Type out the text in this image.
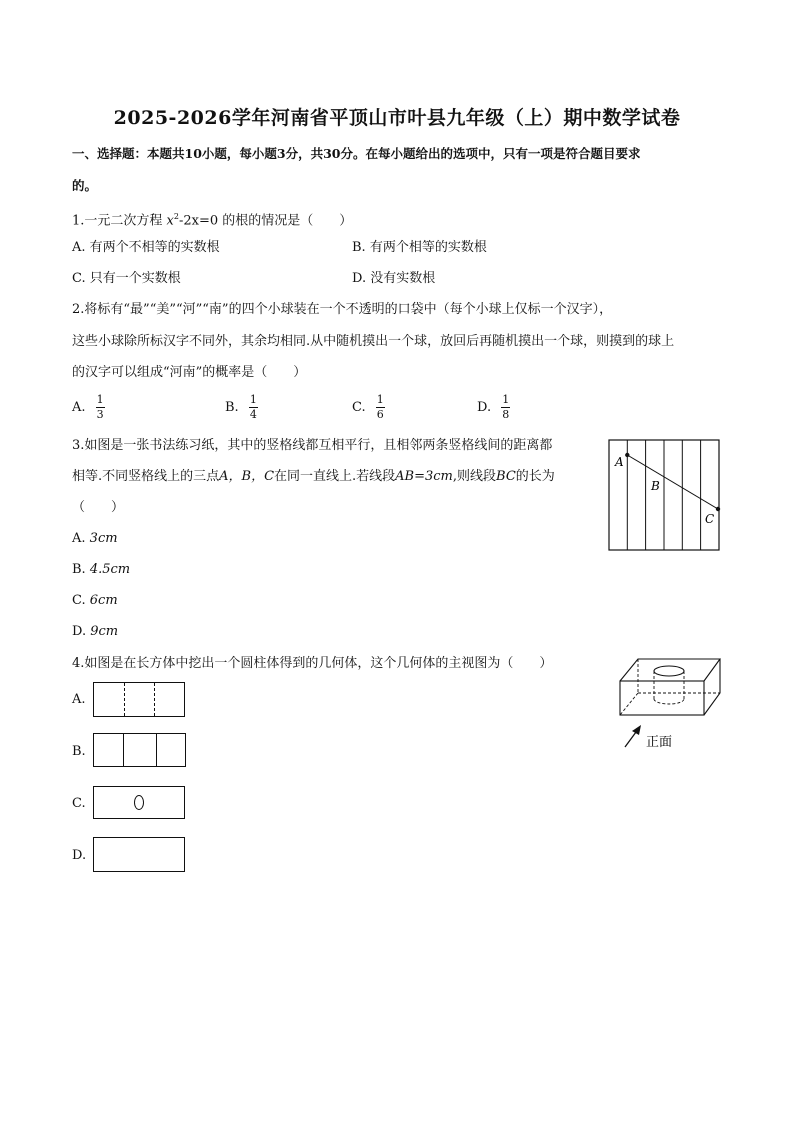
2025-2026学年河南省平顶山市叶县九年级（上）期中数学试卷
一、选择题：本题共10小题，每小题3分，共30分。在每小题给出的选项中，只有一项是符合题目要求
的。
1.一元二次方程 $x^2-2x=0$ 的根的情况是（　　）
A. 有两个不相等的实数根	B. 有两个相等的实数根
C. 只有一个实数根	D. 没有实数根
2.将标有“最”“美”“河”“南”的四个小球装在一个不透明的口袋中（每个小球上仅标一个汉字），
这些小球除所标汉字不同外，其余均相同.从中随机摸出一个球，放回后再随机摸出一个球，则摸到的球上
的汉字可以组成“河南”的概率是（　　）
A. $\frac{1}{3}$	B. $\frac{1}{4}$	C. $\frac{1}{6}$	D. $\frac{1}{8}$
3.如图是一张书法练习纸，其中的竖格线都互相平行，且相邻两条竖格线间的距离都
相等.不同竖格线上的三点A，B，C在同一直线上.若线段AB=3cm,则线段BC的长为
（　　）
A. 3cm
B. 4.5cm
C. 6cm
D. 9cm
A
B
C
4.如图是在长方体中挖出一个圆柱体得到的几何体，这个几何体的主视图为（　　）
A.
B.
C.
D.
正面
